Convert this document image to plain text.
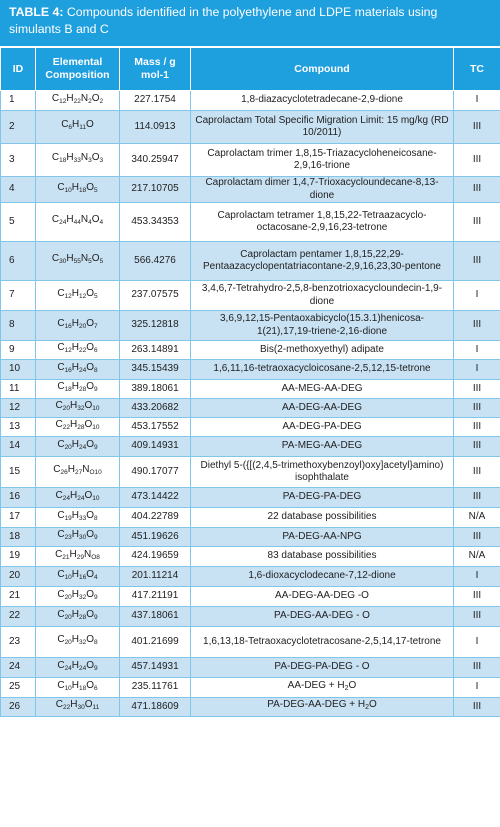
TABLE 4: Compounds identified in the polyethylene and LDPE materials using simulants B and C
ID	Elemental Composition	Mass / g mol-1	Compound	TC
1	$C_{12}H_{22}N_2O_2$	227.1754	1,8-diazacyclotetradecane-2,9-dione	I
2	$C_6H_{11}O$	114.0913	Caprolactam Total Specific Migration Limit: 15 mg/kg (RD 10/2011)	III
3	$C_{18}H_{33}N_3O_3$	340.25947	Caprolactam trimer 1,8,15-Triazacycloheneicosane-2,9,16-trione	III
4	$C_{10}H_{18}O_5$	217.10705	Caprolactam dimer 1,4,7-Trioxacycloundecane-8,13-dione	III
5	$C_{24}H_{44}N_4O_4$	453.34353	Caprolactam tetramer 1,8,15,22-Tetraazacyclo-octacosane-2,9,16,23-tetrone	III
6	$C_{30}H_{55}N_5O_5$	566.4276	Caprolactam pentamer 1,8,15,22,29-Pentaazacyclopentatriacontane-2,9,16,23,30-pentone	III
7	$C_{12}H_{12}O_5$	237.07575	3,4,6,7-Tetrahydro-2,5,8-benzotrioxacycloundecin-1,9-dione	I
8	$C_{16}H_{20}O_7$	325.12818	3,6,9,12,15-Pentaoxabicyclo(15.3.1)henicosa-1(21),17,19-triene-2,16-dione	III
9	$C_{12}H_{22}O_6$	263.14891	Bis(2-methoxyethyl) adipate	I
10	$C_{16}H_{24}O_8$	345.15439	1,6,11,16-tetraoxacycloicosane-2,5,12,15-tetrone	I
11	$C_{18}H_{28}O_9$	389.18061	AA-MEG-AA-DEG	III
12	$C_{20}H_{32}O_{10}$	433.20682	AA-DEG-AA-DEG	III
13	$C_{22}H_{28}O_{10}$	453.17552	AA-DEG-PA-DEG	III
14	$C_{20}H_{24}O_9$	409.14931	PA-MEG-AA-DEG	III
15	$C_{26}H_{27}N_{O10}$	490.17077	Diethyl 5-({[(2,4,5-trimethoxybenzoyl)oxy]acetyl}amino) isophthalate	III
16	$C_{24}H_{24}O_{10}$	473.14422	PA-DEG-PA-DEG	III
17	$C_{19}H_{33}O_8$	404.22789	22 database possibilities	N/A
18	$C_{23}H_{30}O_9$	451.19626	PA-DEG-AA-NPG	III
19	$C_{21}H_{29}N_{O8}$	424.19659	83 database possibilities	N/A
20	$C_{10}H_{16}O_4$	201.11214	1,6-dioxacyclodecane-7,12-dione	I
21	$C_{20}H_{32}O_9$	417.21191	AA-DEG-AA-DEG -O	III
22	$C_{20}H_{28}O_9$	437.18061	PA-DEG-AA-DEG - O	III
23	$C_{20}H_{32}O_8$	401.21699	1,6,13,18-Tetraoxacyclotetracosane-2,5,14,17-tetrone	I
24	$C_{24}H_{24}O_9$	457.14931	PA-DEG-PA-DEG - O	III
25	$C_{10}H_{18}O_6$	235.11761	$AA-DEG + H_2O$	I
26	$C_{22}H_{30}O_{11}$	471.18609	$PA-DEG-AA-DEG + H_2O$	III
